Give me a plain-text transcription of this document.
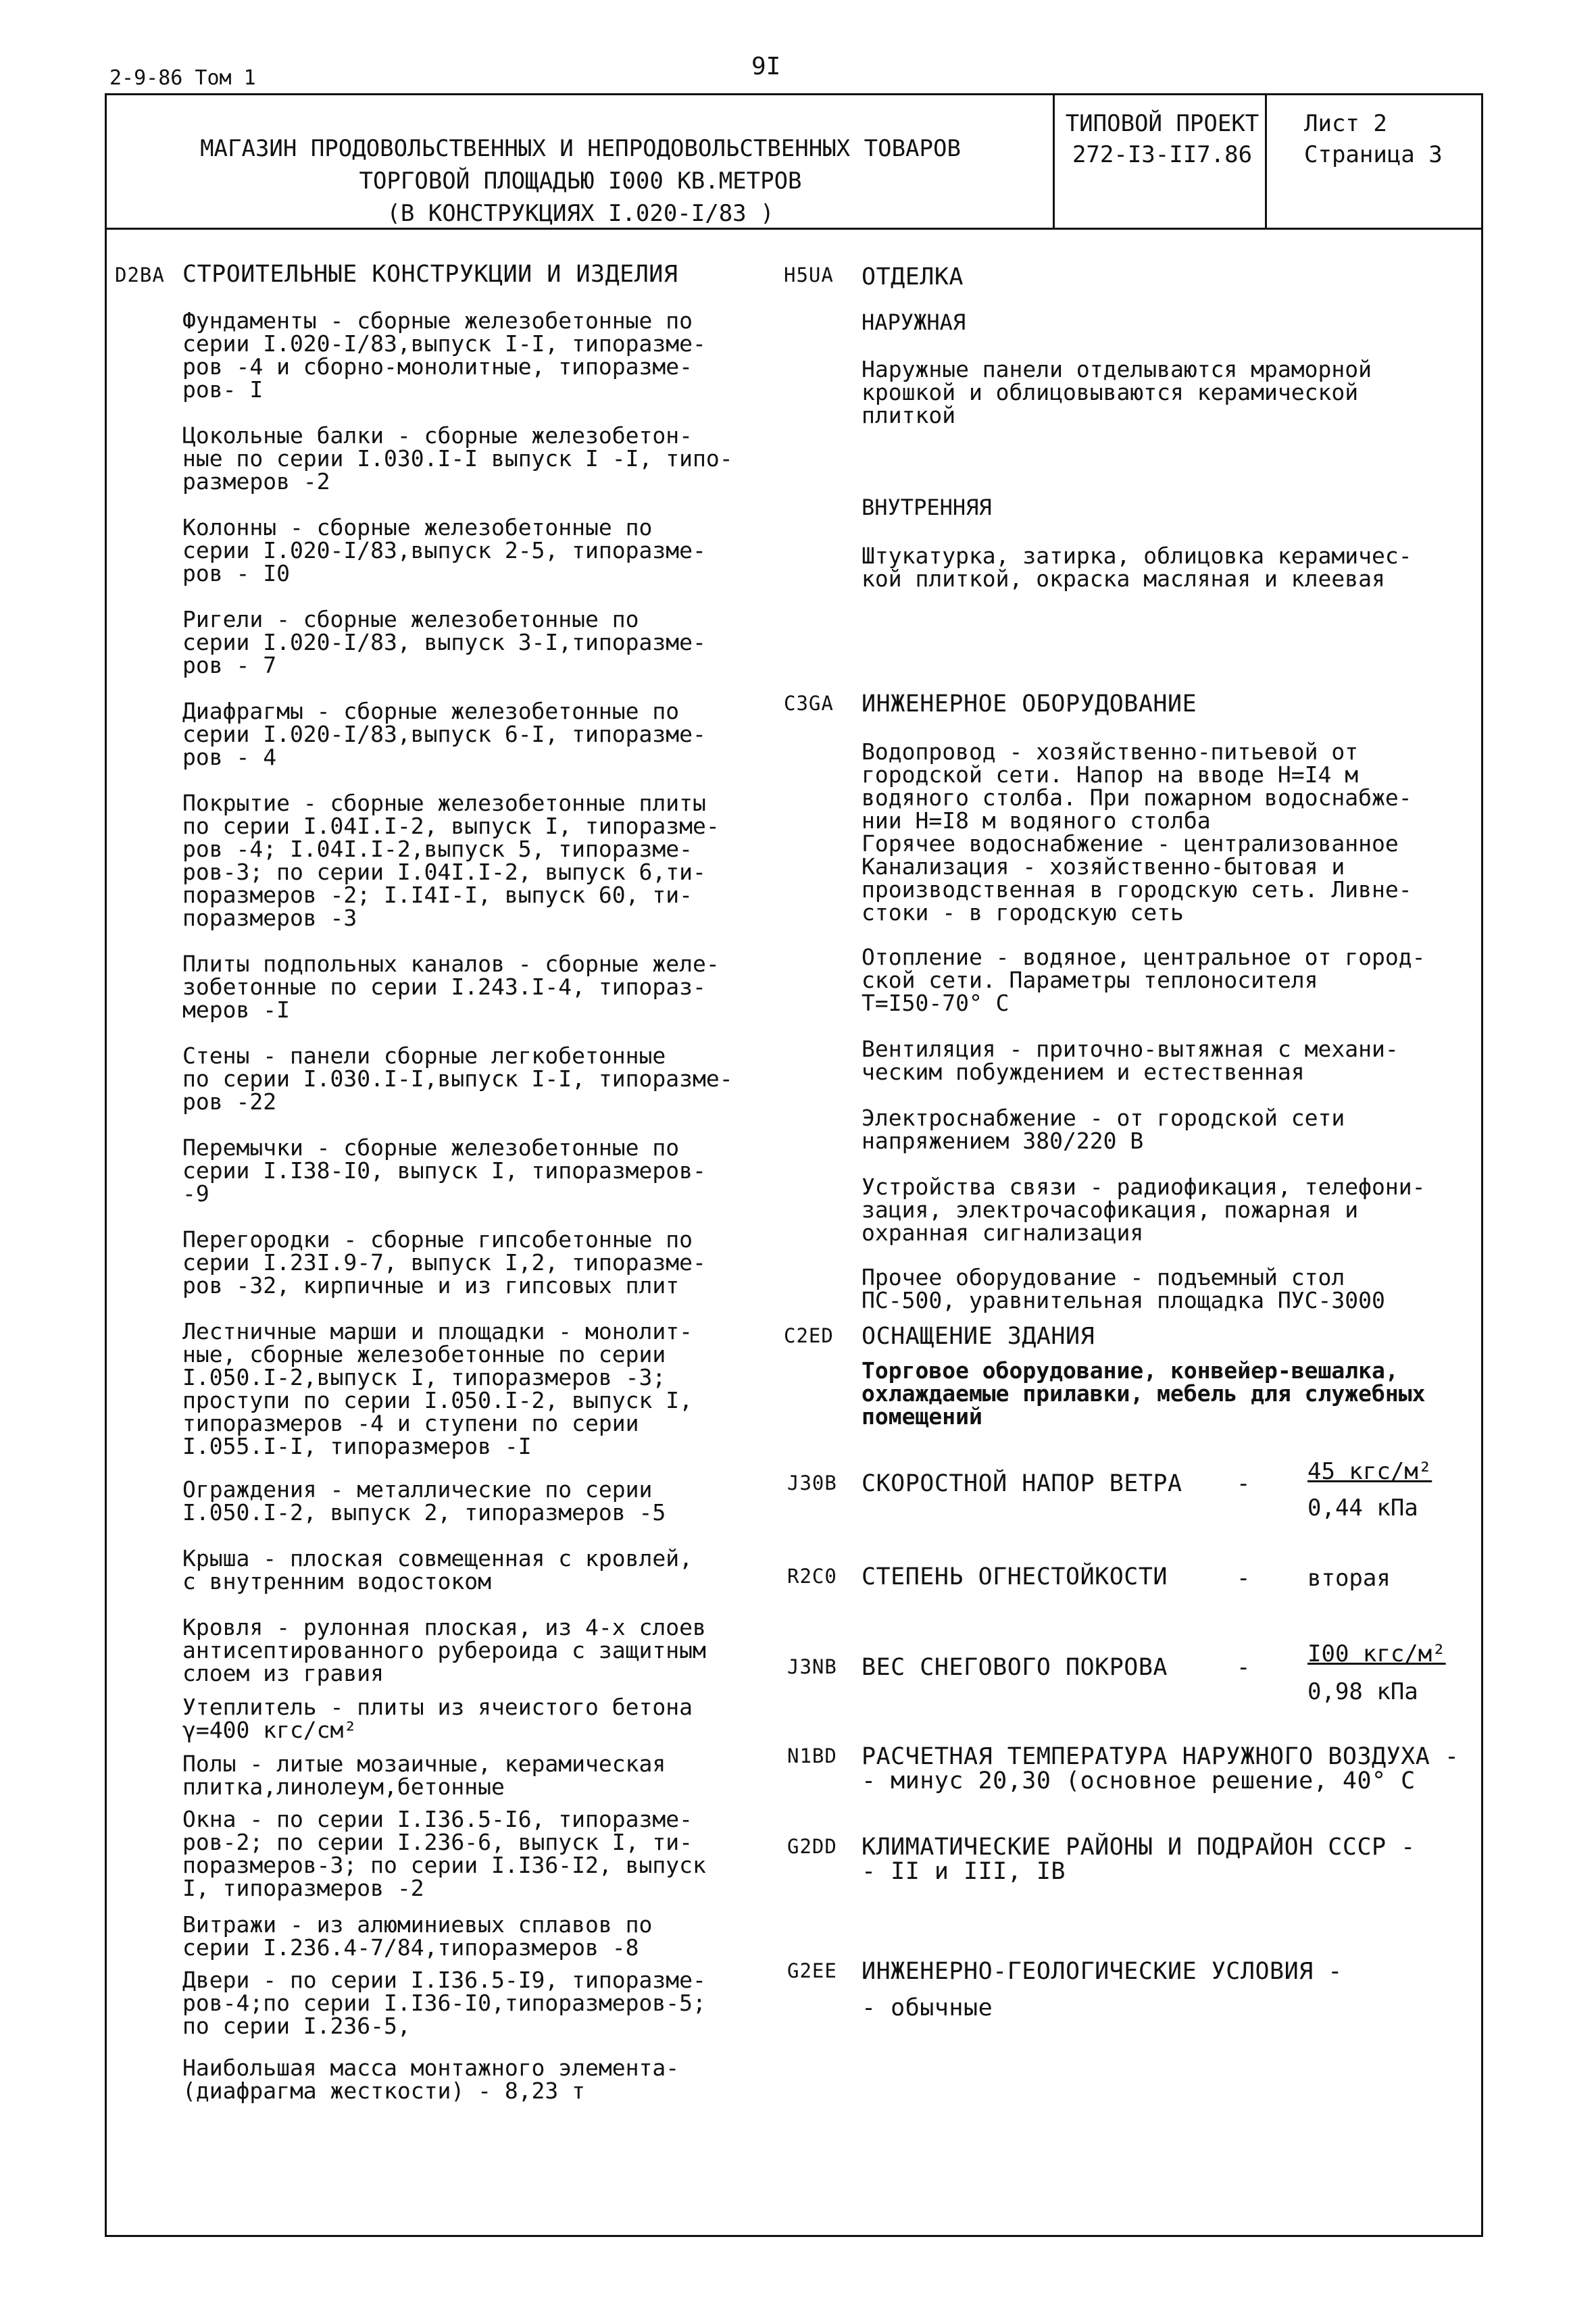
2-9-86 Том 1	9I
МАГАЗИН ПРОДОВОЛЬСТВЕННЫХ И НЕПРОДОВОЛЬСТВЕННЫХ ТОВАРОВ
ТОРГОВОЙ ПЛОЩАДЬЮ I000 КВ.МЕТРОВ
(В КОНСТРУКЦИЯХ I.020-I/83 )
ТИПОВОЙ ПРОЕКТ
272-I3-II7.86
Лист 2
Страница 3
D2BA СТРОИТЕЛЬНЫЕ КОНСТРУКЦИИ И ИЗДЕЛИЯ
Фундаменты - сборные железобетонные по
серии I.020-I/83,выпуск I-I, типоразме-
ров -4 и сборно-монолитные, типоразме-
ров- I
Цокольные балки - сборные железобетон-
ные по серии I.030.I-I выпуск I -I, типо-
размеров -2
Колонны - сборные железобетонные по
серии I.020-I/83,выпуск 2-5, типоразме-
ров - I0
Ригели - сборные железобетонные по
серии I.020-I/83, выпуск 3-I,типоразме-
ров - 7
Диафрагмы - сборные железобетонные по
серии I.020-I/83,выпуск 6-I, типоразме-
ров - 4
Покрытие - сборные железобетонные плиты
по серии I.04I.I-2, выпуск I, типоразме-
ров -4; I.04I.I-2,выпуск 5, типоразме-
ров-3; по серии I.04I.I-2, выпуск 6,ти-
поразмеров -2; I.I4I-I, выпуск 60, ти-
поразмеров -3
Плиты подпольных каналов - сборные желе-
зобетонные по серии I.243.I-4, типораз-
меров -I
Стены - панели сборные легкобетонные
по серии I.030.I-I,выпуск I-I, типоразме-
ров -22
Перемычки - сборные железобетонные по
серии I.I38-I0, выпуск I, типоразмеров-
-9
Перегородки - сборные гипсобетонные по
серии I.23I.9-7, выпуск I,2, типоразме-
ров -32, кирпичные и из гипсовых плит
Лестничные марши и площадки - монолит-
ные, сборные железобетонные по серии
I.050.I-2,выпуск I, типоразмеров -3;
проступи по серии I.050.I-2, выпуск I,
типоразмеров -4 и ступени по серии
I.055.I-I, типоразмеров -I
Ограждения - металлические по серии
I.050.I-2, выпуск 2, типоразмеров -5
Крыша - плоская совмещенная с кровлей,
с внутренним водостоком
Кровля - рулонная плоская, из 4-х слоев
антисептированного рубероида с защитным
слоем из гравия
Утеплитель - плиты из ячеистого бетона
γ=400 кгс/см²
Полы - литые мозаичные, керамическая
плитка,линолеум,бетонные
Окна - по серии I.I36.5-I6, типоразме-
ров-2; по серии I.236-6, выпуск I, ти-
поразмеров-3; по серии I.I36-I2, выпуск
I, типоразмеров -2
Витражи - из алюминиевых сплавов по
серии I.236.4-7/84,типоразмеров -8
Двери - по серии I.I36.5-I9, типоразме-
ров-4;по серии I.I36-I0,типоразмеров-5;
по серии I.236-5,
Наибольшая масса монтажного элемента-
(диафрагма жесткости) - 8,23 т
H5UA ОТДЕЛКА
НАРУЖНАЯ
Наружные панели отделываются мраморной
крошкой и облицовываются керамической
плиткой
ВНУТРЕННЯЯ
Штукатурка, затирка, облицовка керамичес-
кой плиткой, окраска масляная и клеевая
C3GA ИНЖЕНЕРНОЕ ОБОРУДОВАНИЕ
Водопровод - хозяйственно-питьевой от
городской сети. Напор на вводе Н=I4 м
водяного столба. При пожарном водоснабже-
нии Н=I8 м водяного столба
Горячее водоснабжение - централизованное
Канализация - хозяйственно-бытовая и
производственная в городскую сеть. Ливне-
стоки - в городскую сеть
Отопление - водяное, центральное от город-
ской сети. Параметры теплоносителя
Т=I50-70° С
Вентиляция - приточно-вытяжная с механи-
ческим побуждением и естественная
Электроснабжение - от городской сети
напряжением 380/220 В
Устройства связи - радиофикация, телефони-
зация, электрочасофикация, пожарная и
охранная сигнализация
Прочее оборудование - подъемный стол
ПС-500, уравнительная площадка ПУС-3000
C2ED ОСНАЩЕНИЕ ЗДАНИЯ
Торговое оборудование, конвейер-вешалка,
охлаждаемые прилавки, мебель для служебных
помещений
J30B СКОРОСТНОЙ НАПОР ВЕТРА - 45 кгс/м²
0,44 кПа
R2C0 СТЕПЕНЬ ОГНЕСТОЙКОСТИ	- вторая
J3NB ВЕС СНЕГОВОГО ПОКРОВА	- I00 кгс/м²
0,98 кПа
N1BD РАСЧЕТНАЯ ТЕМПЕРАТУРА НАРУЖНОГО ВОЗДУХА -
- минус 20,30 (основное решение, 40° С
G2DD КЛИМАТИЧЕСКИЕ РАЙОНЫ И ПОДРАЙОН СССР -
- II и III, IВ
G2EE ИНЖЕНЕРНО-ГЕОЛОГИЧЕСКИЕ УСЛОВИЯ -
- обычные
